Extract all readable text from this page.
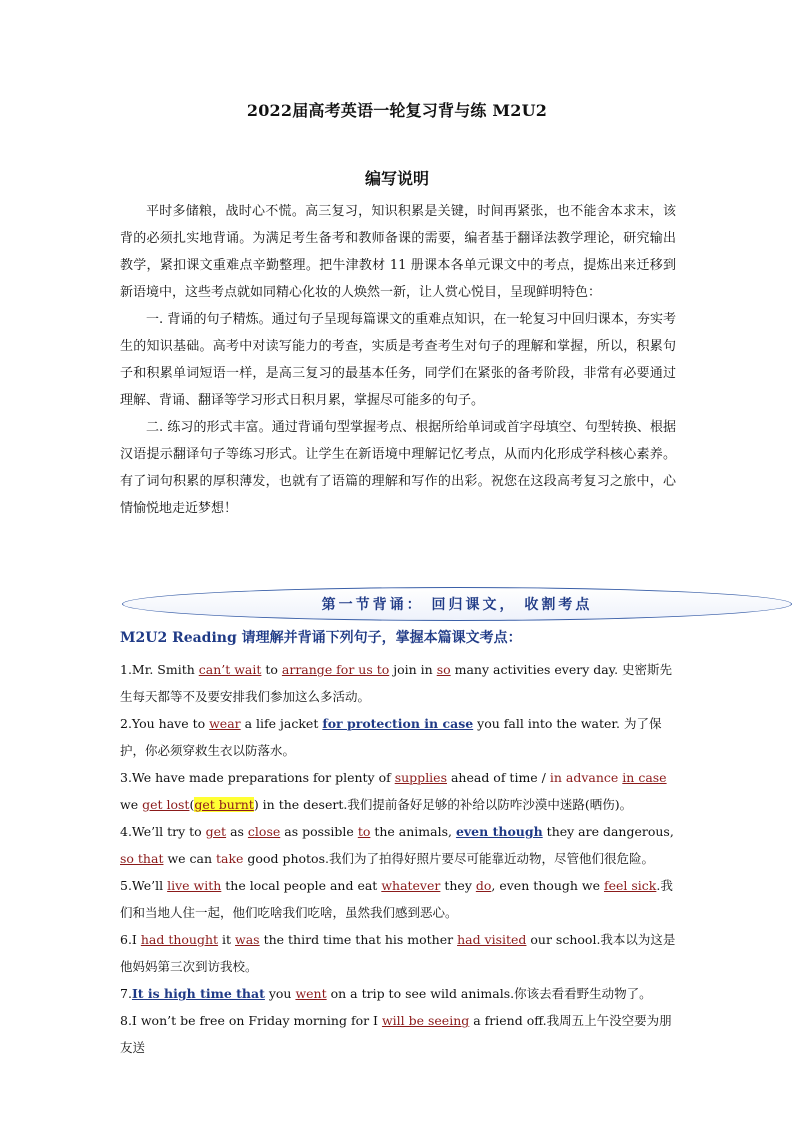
2022届高考英语一轮复习背与练 M2U2
编写说明

平时多储粮，战时心不慌。高三复习，知识积累是关键，时间再紧张，也不能舍本求末，该背的必须扎实地背诵。为满足考生备考和教师备课的需要，编者基于翻译法教学理论，研究输出教学，紧扣课文重难点辛勤整理。把牛津教材 11 册课本各单元课文中的考点，提炼出来迁移到新语境中，这些考点就如同精心化妆的人焕然一新，让人赏心悦目，呈现鲜明特色：

一. 背诵的句子精炼。通过句子呈现每篇课文的重难点知识，在一轮复习中回归课本，夯实考生的知识基础。高考中对读写能力的考查，实质是考查考生对句子的理解和掌握，所以，积累句子和积累单词短语一样，是高三复习的最基本任务，同学们在紧张的备考阶段，非常有必要通过理解、背诵、翻译等学习形式日积月累，掌握尽可能多的句子。

二. 练习的形式丰富。通过背诵句型掌握考点、根据所给单词或首字母填空、句型转换、根据汉语提示翻译句子等练习形式。让学生在新语境中理解记忆考点，从而内化形成学科核心素养。有了词句积累的厚积薄发，也就有了语篇的理解和写作的出彩。祝您在这段高考复习之旅中，心情愉悦地走近梦想！

第一节背诵： 回归课文， 收割考点
M2U2 Reading 请理解并背诵下列句子，掌握本篇课文考点：

1.Mr. Smith can’t wait to arrange for us to join in so many activities every day. 史密斯先生每天都等不及要安排我们参加这么多活动。

2.You have to wear a life jacket for protection in case you fall into the water. 为了保护，你必须穿救生衣以防落水。

3.We have made preparations for plenty of supplies ahead of time / in advance in case we get lost(get burnt) in the desert.我们提前备好足够的补给以防咋沙漠中迷路(晒伤)。

4.We’ll try to get as close as possible to the animals, even though they are dangerous, so that we can take good photos.我们为了拍得好照片要尽可能靠近动物，尽管他们很危险。

5.We’ll live with the local people and eat whatever they do, even though we feel sick.我们和当地人住一起，他们吃啥我们吃啥，虽然我们感到恶心。

6.I had thought it was the third time that his mother had visited our school.我本以为这是他妈妈第三次到访我校。

7.It is high time that you went on a trip to see wild animals.你该去看看野生动物了。

8.I won’t be free on Friday morning for I will be seeing a friend off.我周五上午没空要为朋友送
